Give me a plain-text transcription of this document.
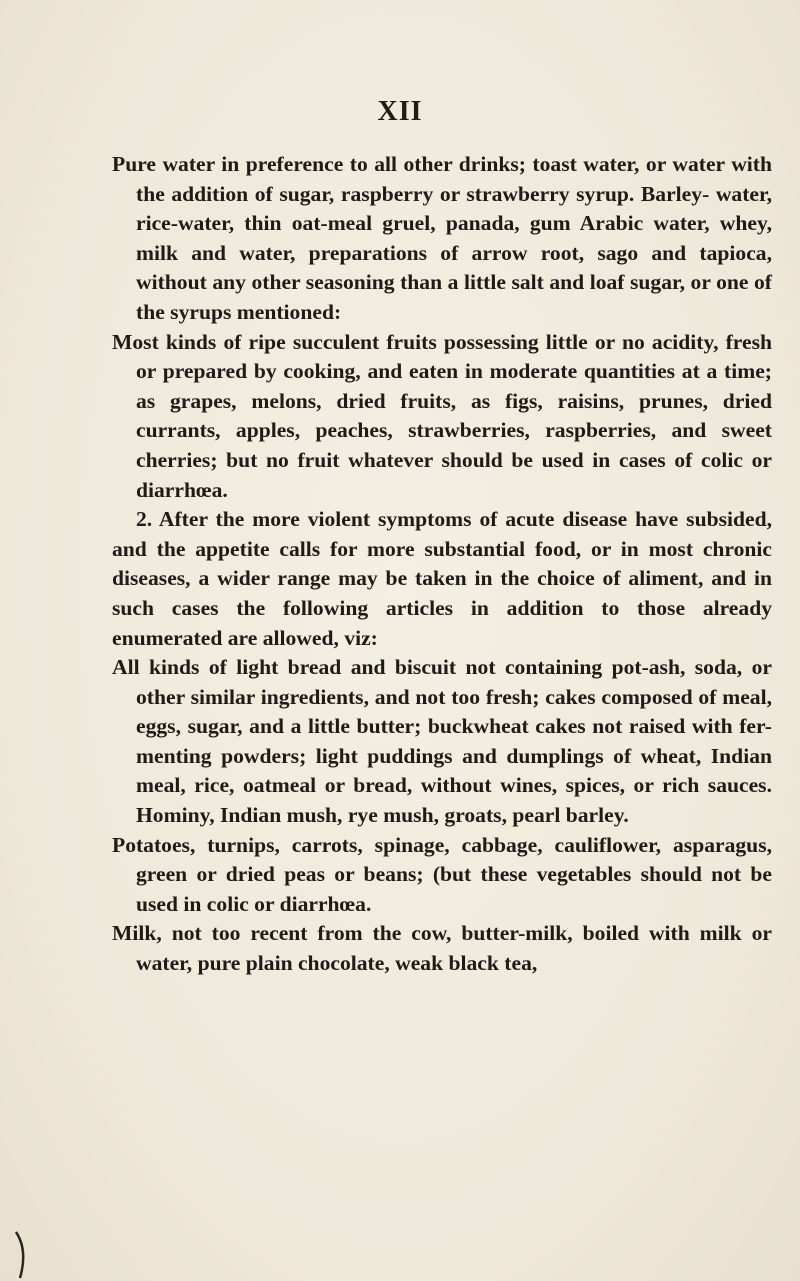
XII

Pure water in preference to all other drinks; toast water, or water with the addition of sugar, raspberry or strawberry syrup. Barley- water, rice-water, thin oat-meal gruel, panada, gum Arabic water, whey, milk and water, preparations of arrow root, sago and tapioca, without any other seasoning than a little salt and loaf sugar, or one of the syrups mentioned:

Most kinds of ripe succulent fruits possessing little or no acidity, fresh or prepared by cooking, and eaten in moderate quantities at a time; as grapes, melons, dried fruits, as figs, raisins, prunes, dried currants, apples, peaches, strawberries, raspberries, and sweet cherries; but no fruit whatever should be used in cases of colic or diarrhœa.

2. After the more violent symptoms of acute disease have subsided, and the appetite calls for more substantial food, or in most chronic diseases, a wider range may be taken in the choice of aliment, and in such cases the following articles in addition to those already enumerated are allowed, viz:

All kinds of light bread and biscuit not containing pot-ash, soda, or other similar ingredients, and not too fresh; cakes composed of meal, eggs, sugar, and a little butter; buckwheat cakes not raised with fer-menting powders; light puddings and dumplings of wheat, Indian meal, rice, oatmeal or bread, without wines, spices, or rich sauces. Hominy, Indian mush, rye mush, groats, pearl barley.

Potatoes, turnips, carrots, spinage, cabbage, cauliflower, asparagus, green or dried peas or beans; (but these vegetables should not be used in colic or diarrhœa.

Milk, not too recent from the cow, butter-milk, boiled with milk or water, pure plain chocolate, weak black tea,
